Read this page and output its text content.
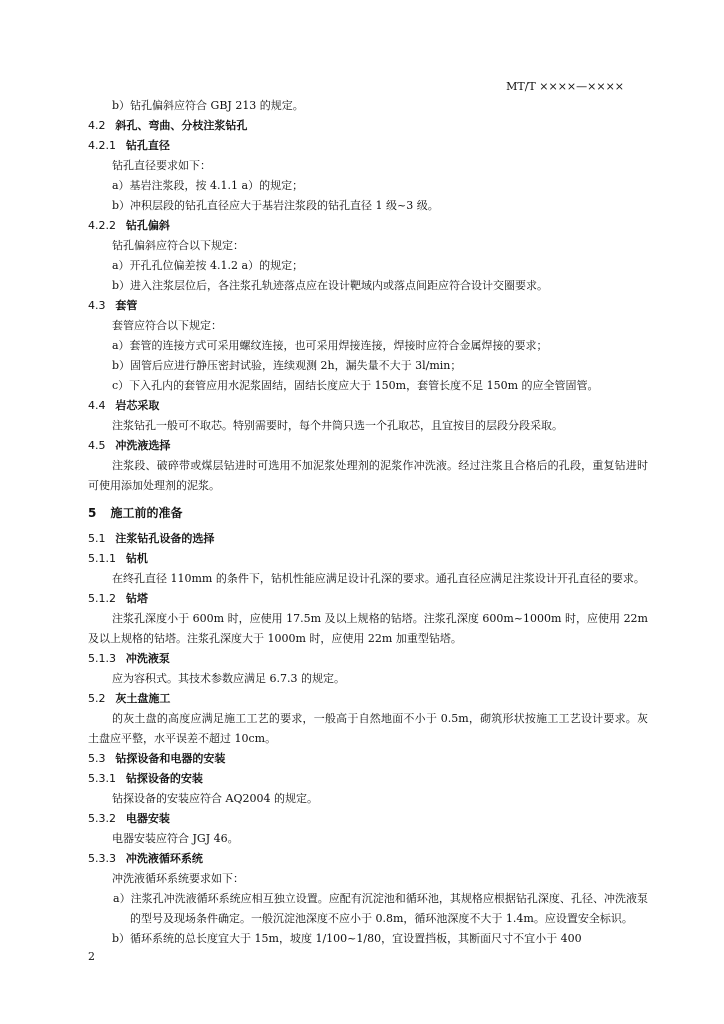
MT/T ××××—××××
b）钻孔偏斜应符合 GBJ 213 的规定。
4.2 斜孔、弯曲、分枝注浆钻孔
4.2.1 钻孔直径
钻孔直径要求如下：
a）基岩注浆段，按 4.1.1 a）的规定；
b）冲积层段的钻孔直径应大于基岩注浆段的钻孔直径 1 级~3 级。
4.2.2 钻孔偏斜
钻孔偏斜应符合以下规定：
a）开孔孔位偏差按 4.1.2 a）的规定；
b）进入注浆层位后，各注浆孔轨迹落点应在设计靶域内或落点间距应符合设计交圈要求。
4.3 套管
套管应符合以下规定：
a）套管的连接方式可采用螺纹连接，也可采用焊接连接，焊接时应符合金属焊接的要求；
b）固管后应进行静压密封试验，连续观测 2h，漏失量不大于 3l/min；
c）下入孔内的套管应用水泥浆固结，固结长度应大于 150m，套管长度不足 150m 的应全管固管。
4.4 岩芯采取
注浆钻孔一般可不取芯。特别需要时，每个井筒只选一个孔取芯，且宜按目的层段分段采取。
4.5 冲洗液选择
注浆段、破碎带或煤层钻进时可选用不加泥浆处理剂的泥浆作冲洗液。经过注浆且合格后的孔段，重复钻进时可使用添加处理剂的泥浆。
5 施工前的准备
5.1 注浆钻孔设备的选择
5.1.1 钻机
在终孔直径 110mm 的条件下，钻机性能应满足设计孔深的要求。通孔直径应满足注浆设计开孔直径的要求。
5.1.2 钻塔
注浆孔深度小于 600m 时，应使用 17.5m 及以上规格的钻塔。注浆孔深度 600m~1000m 时，应使用 22m 及以上规格的钻塔。注浆孔深度大于 1000m 时，应使用 22m 加重型钻塔。
5.1.3 冲洗液泵
应为容积式。其技术参数应满足 6.7.3 的规定。
5.2 灰土盘施工
的灰土盘的高度应满足施工工艺的要求，一般高于自然地面不小于 0.5m，砌筑形状按施工工艺设计要求。灰土盘应平整，水平误差不超过 10cm。
5.3 钻探设备和电器的安装
5.3.1 钻探设备的安装
钻探设备的安装应符合 AQ2004 的规定。
5.3.2 电器安装
电器安装应符合 JGJ 46。
5.3.3 冲洗液循环系统
冲洗液循环系统要求如下：
a）注浆孔冲洗液循环系统应相互独立设置。应配有沉淀池和循环池，其规格应根据钻孔深度、孔径、冲洗液泵的型号及现场条件确定。一般沉淀池深度不应小于 0.8m，循环池深度不大于 1.4m。应设置安全标识。
b）循环系统的总长度宜大于 15m，坡度 1/100~1/80，宜设置挡板，其断面尺寸不宜小于 400
2
